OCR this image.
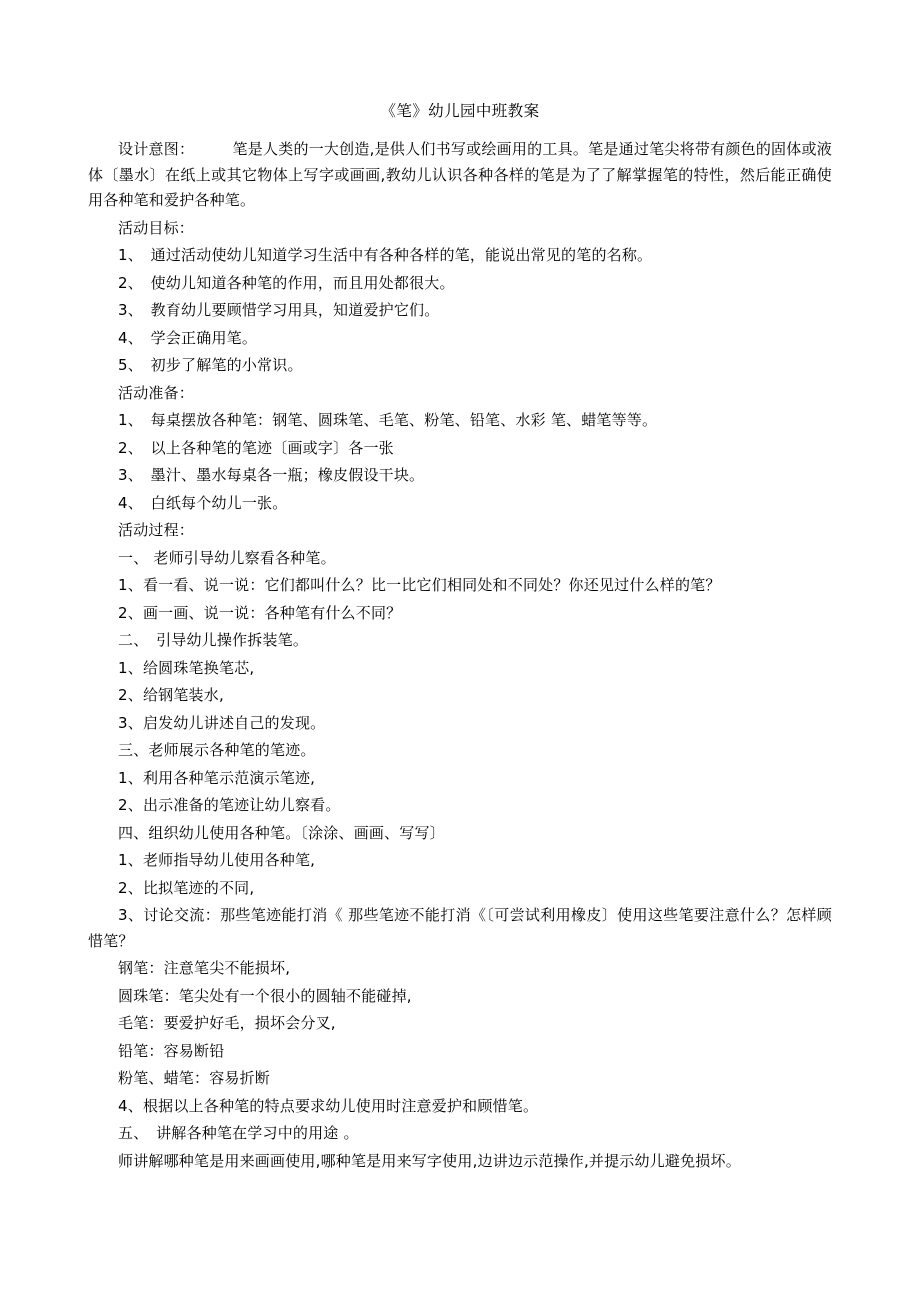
《笔》幼儿园中班教案

设计意图：　　　笔是人类的一大创造,是供人们书写或绘画用的工具。笔是通过笔尖将带有颜色的固体或液体〔墨水〕在纸上或其它物体上写字或画画,教幼儿认识各种各样的笔是为了了解掌握笔的特性，然后能正确使用各种笔和爱护各种笔。

活动目标：

1、　通过活动使幼儿知道学习生活中有各种各样的笔，能说出常见的笔的名称。

2、　使幼儿知道各种笔的作用，而且用处都很大。

3、　教育幼儿要顾惜学习用具，知道爱护它们。

4、　学会正确用笔。

5、　初步了解笔的小常识。

活动准备：

1、　每桌摆放各种笔：钢笔、圆珠笔、毛笔、粉笔、铅笔、水彩 笔、蜡笔等等。

2、　以上各种笔的笔迹〔画或字〕各一张

3、　墨汁、墨水每桌各一瓶；橡皮假设干块。

4、　白纸每个幼儿一张。

活动过程：

一、 老师引导幼儿察看各种笔。

1、看一看、说一说：它们都叫什么？比一比它们相同处和不同处？你还见过什么样的笔？

2、画一画、说一说：各种笔有什么不同？

二、　引导幼儿操作拆装笔。

1、给圆珠笔换笔芯,

2、给钢笔装水,

3、启发幼儿讲述自己的发现。

三、老师展示各种笔的笔迹。

1、利用各种笔示范演示笔迹,

2、出示准备的笔迹让幼儿察看。

四、组织幼儿使用各种笔。〔涂涂、画画、写写〕

1、老师指导幼儿使用各种笔,

2、比拟笔迹的不同,

3、讨论交流：那些笔迹能打消《 那些笔迹不能打消《〔可尝试利用橡皮〕使用这些笔要注意什么？怎样顾惜笔？

钢笔：注意笔尖不能损坏,

圆珠笔：笔尖处有一个很小的圆轴不能碰掉,

毛笔：要爱护好毛，损坏会分叉,

铅笔：容易断铅

粉笔、蜡笔：容易折断

4、根据以上各种笔的特点要求幼儿使用时注意爱护和顾惜笔。

五、　讲解各种笔在学习中的用途 。

师讲解哪种笔是用来画画使用,哪种笔是用来写字使用,边讲边示范操作,并提示幼儿避免损坏。
